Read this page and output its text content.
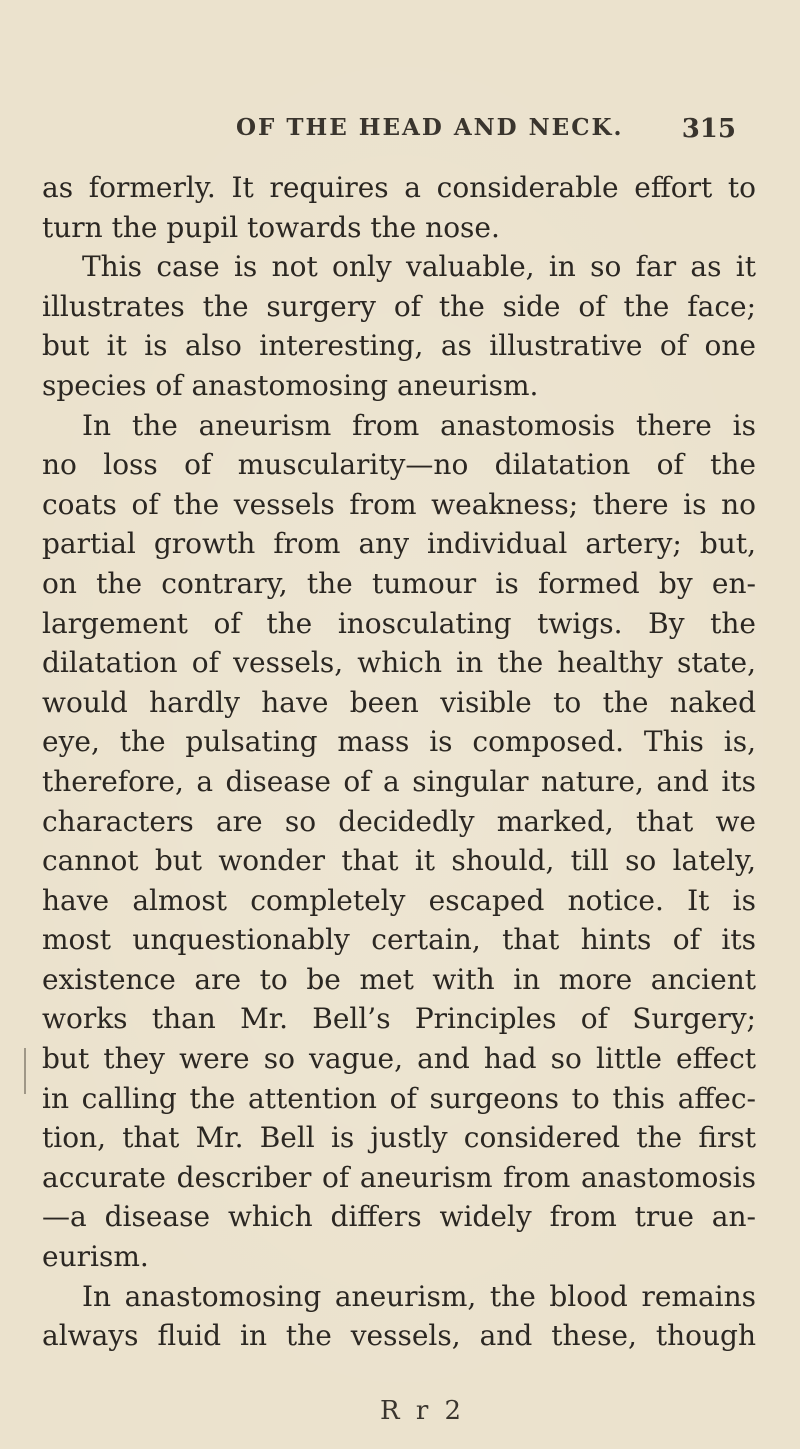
OF THE HEAD AND NECK. 315
as formerly. It requires a considerable effort to
turn the pupil towards the nose.
This case is not only valuable, in so far as it
illustrates the surgery of the side of the face;
but it is also interesting, as illustrative of one
species of anastomosing aneurism.
In the aneurism from anastomosis there is
no loss of muscularity—no dilatation of the
coats of the vessels from weakness; there is no
partial growth from any individual artery; but,
on the contrary, the tumour is formed by en-
largement of the inosculating twigs. By the
dilatation of vessels, which in the healthy state,
would hardly have been visible to the naked
eye, the pulsating mass is composed. This is,
therefore, a disease of a singular nature, and its
characters are so decidedly marked, that we
cannot but wonder that it should, till so lately,
have almost completely escaped notice. It is
most unquestionably certain, that hints of its
existence are to be met with in more ancient
works than Mr. Bell’s Principles of Surgery;
but they were so vague, and had so little effect
in calling the attention of surgeons to this affec-
tion, that Mr. Bell is justly considered the first
accurate describer of aneurism from anastomosis
—a disease which differs widely from true an-
eurism.
In anastomosing aneurism, the blood remains
always fluid in the vessels, and these, though
R r 2
